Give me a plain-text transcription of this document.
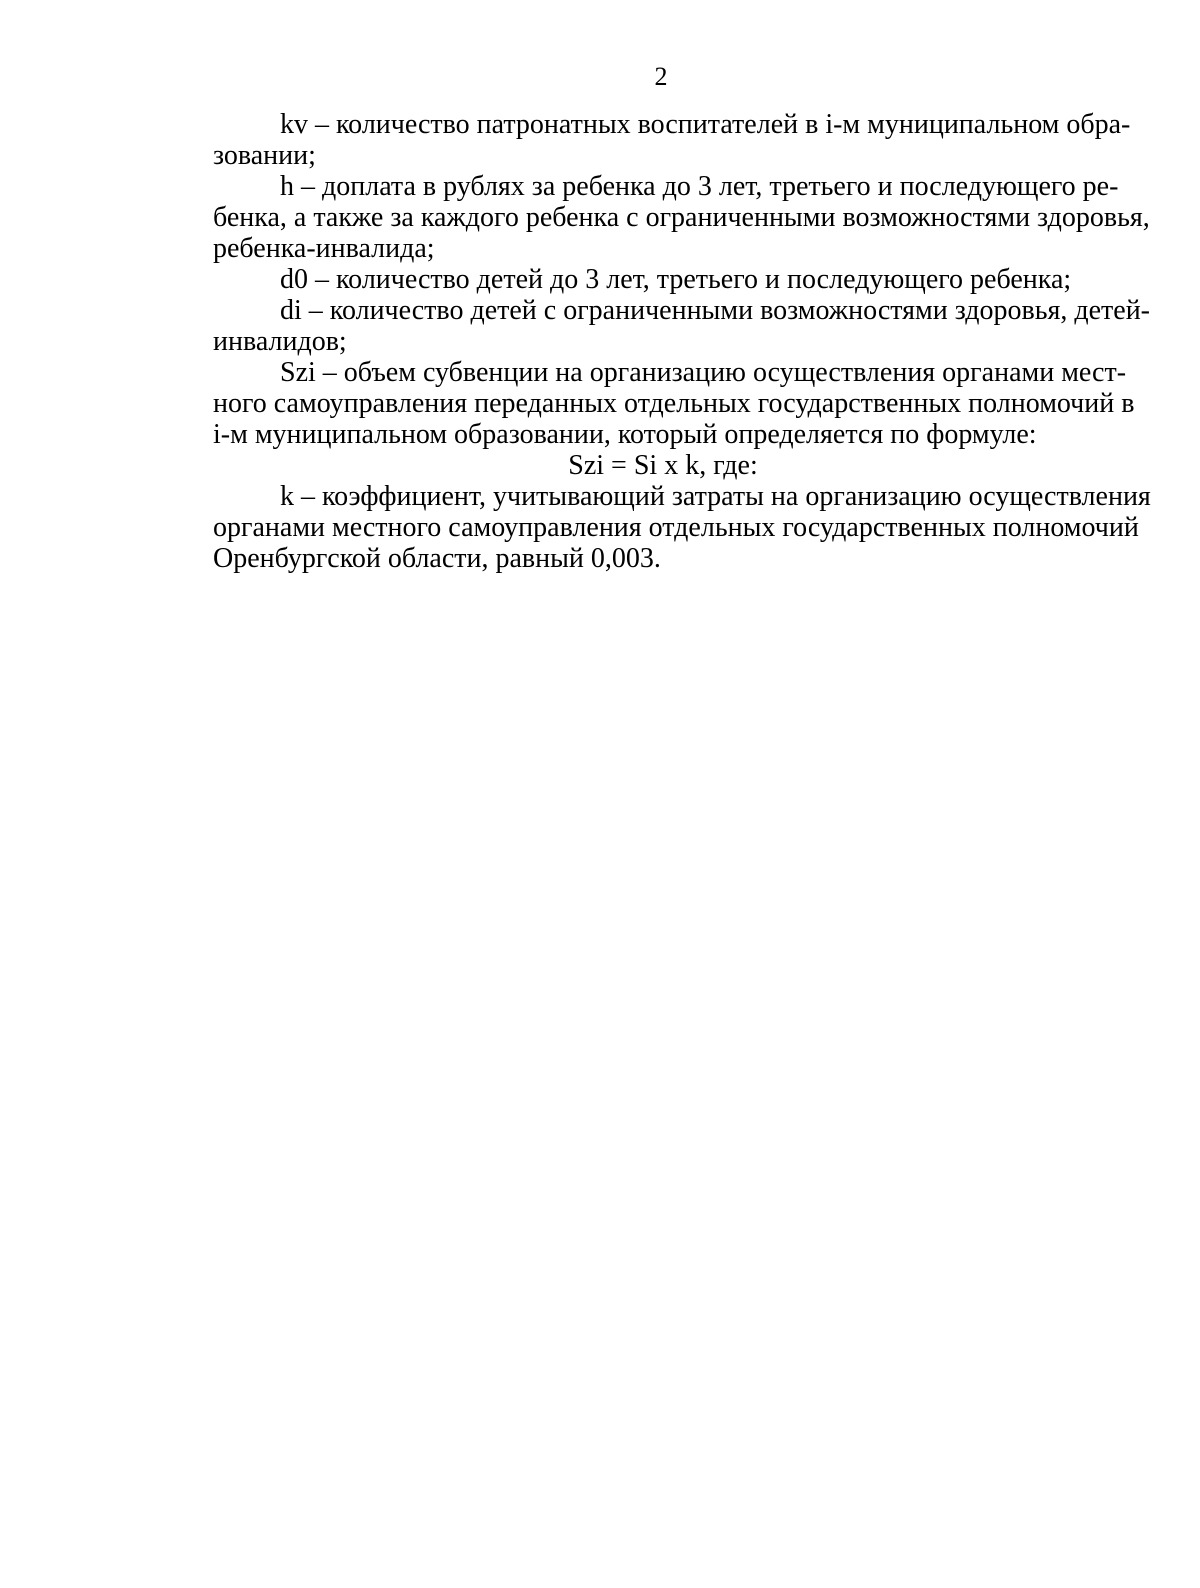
2
kv – количество патронатных воспитателей в i-м муниципальном обра-
зовании;
h – доплата в рублях за ребенка до 3 лет, третьего и последующего ре-
бенка, а также за каждого ребенка с ограниченными возможностями здоровья,
ребенка-инвалида;
d0 – количество детей до 3 лет, третьего и последующего ребенка;
di – количество детей с ограниченными возможностями здоровья, детей-
инвалидов;
Szi – объем субвенции на организацию осуществления органами мест-
ного самоуправления переданных отдельных государственных полномочий в
i-м муниципальном образовании, который определяется по формуле:
Szi = Si x k, где:
k – коэффициент, учитывающий затраты на организацию осуществления
органами местного самоуправления отдельных государственных полномочий
Оренбургской области, равный 0,003.
